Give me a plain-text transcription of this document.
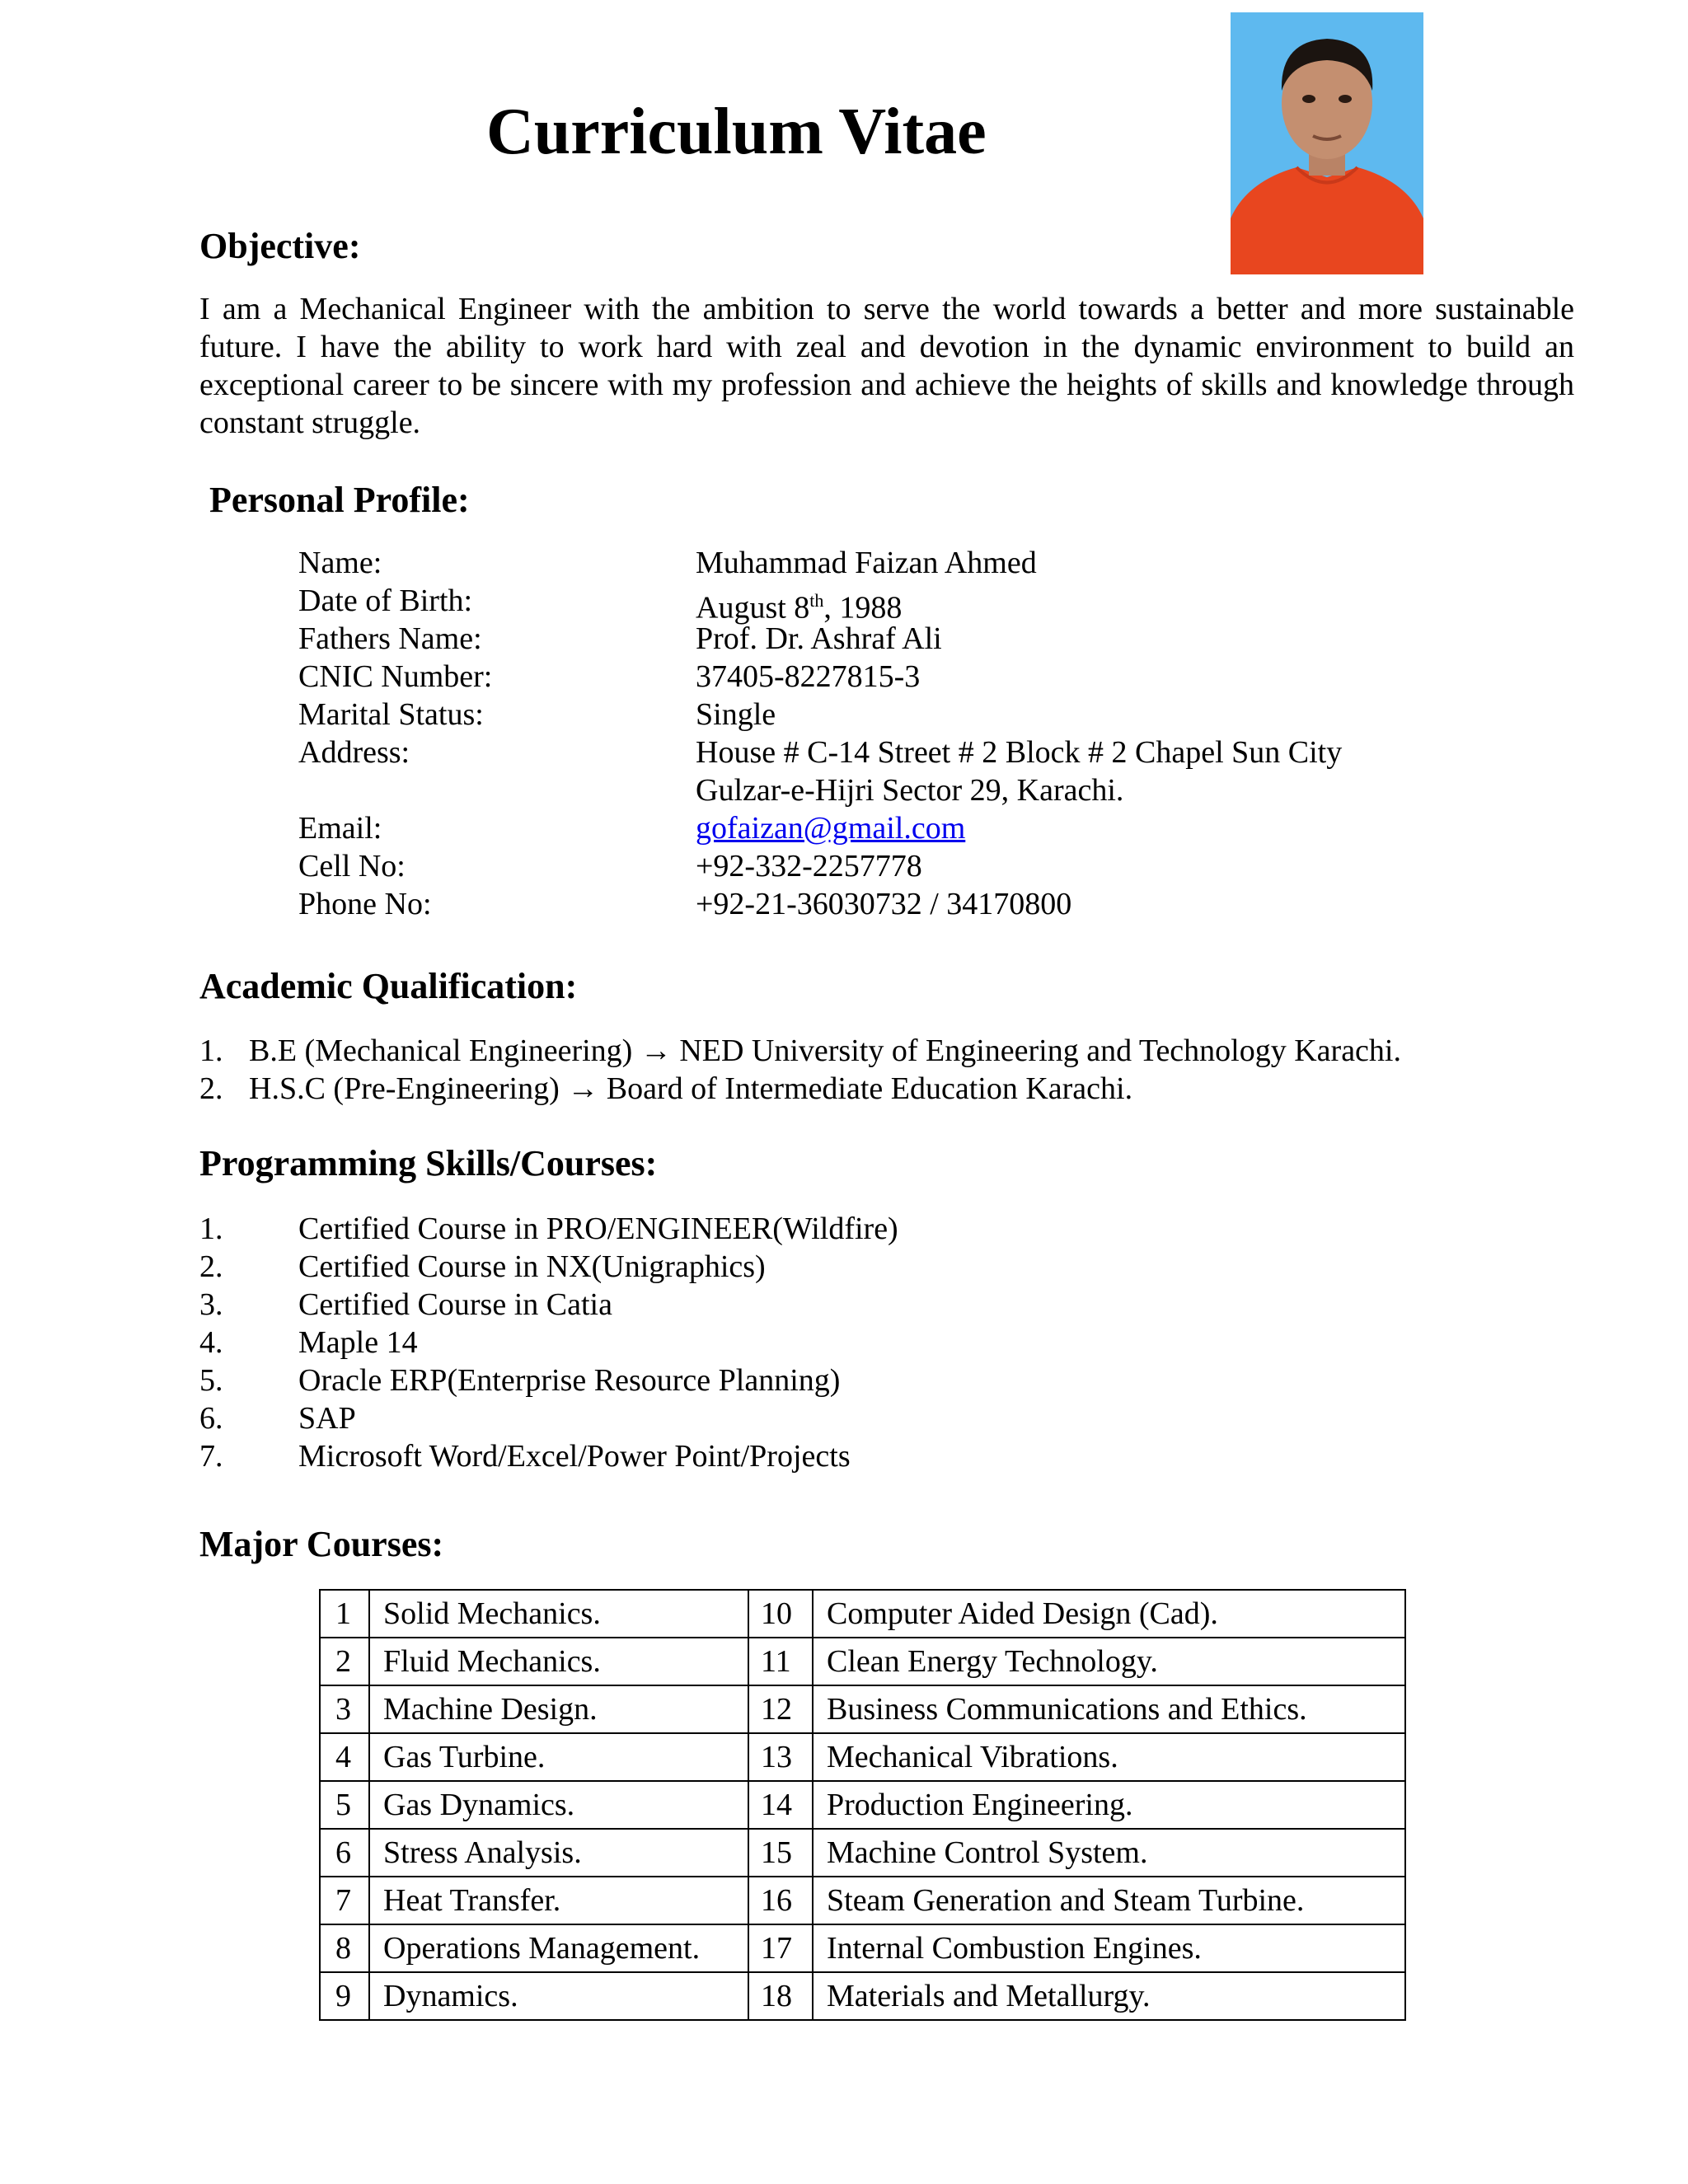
Curriculum Vitae
Objective:

I am a Mechanical Engineer with the ambition to serve the world towards a better and more sustainable future. I have the ability to work hard with zeal and devotion in the dynamic environment to build an exceptional career to be sincere with my profession and achieve the heights of skills and knowledge through constant struggle.

Personal Profile:
Name:	Muhammad Faizan Ahmed
Date of Birth:	August 8th, 1988
Fathers Name:	Prof. Dr. Ashraf Ali
CNIC Number:	37405-8227815-3
Marital Status:	Single
Address:	House # C-14 Street # 2 Block # 2 Chapel Sun City
Gulzar-e-Hijri Sector 29, Karachi.
Email:	gofaizan@gmail.com
Cell No:	+92-332-2257778
Phone No:	+92-21-36030732 / 34170800
Academic Qualification:
1. B.E (Mechanical Engineering) → NED University of Engineering and Technology Karachi.
2. H.S.C (Pre-Engineering) → Board of Intermediate Education Karachi.
Programming Skills/Courses:
1. Certified Course in PRO/ENGINEER(Wildfire)
2. Certified Course in NX(Unigraphics)
3. Certified Course in Catia
4. Maple 14
5. Oracle ERP(Enterprise Resource Planning)
6. SAP
7. Microsoft Word/Excel/Power Point/Projects
Major Courses:
1	Solid Mechanics.	10	Computer Aided Design (Cad).
2	Fluid Mechanics.	11	Clean Energy Technology.
3	Machine Design.	12	Business Communications and Ethics.
4	Gas Turbine.	13	Mechanical Vibrations.
5	Gas Dynamics.	14	Production Engineering.
6	Stress Analysis.	15	Machine Control System.
7	Heat Transfer.	16	Steam Generation and Steam Turbine.
8	Operations Management.	17	Internal Combustion Engines.
9	Dynamics.	18	Materials and Metallurgy.
